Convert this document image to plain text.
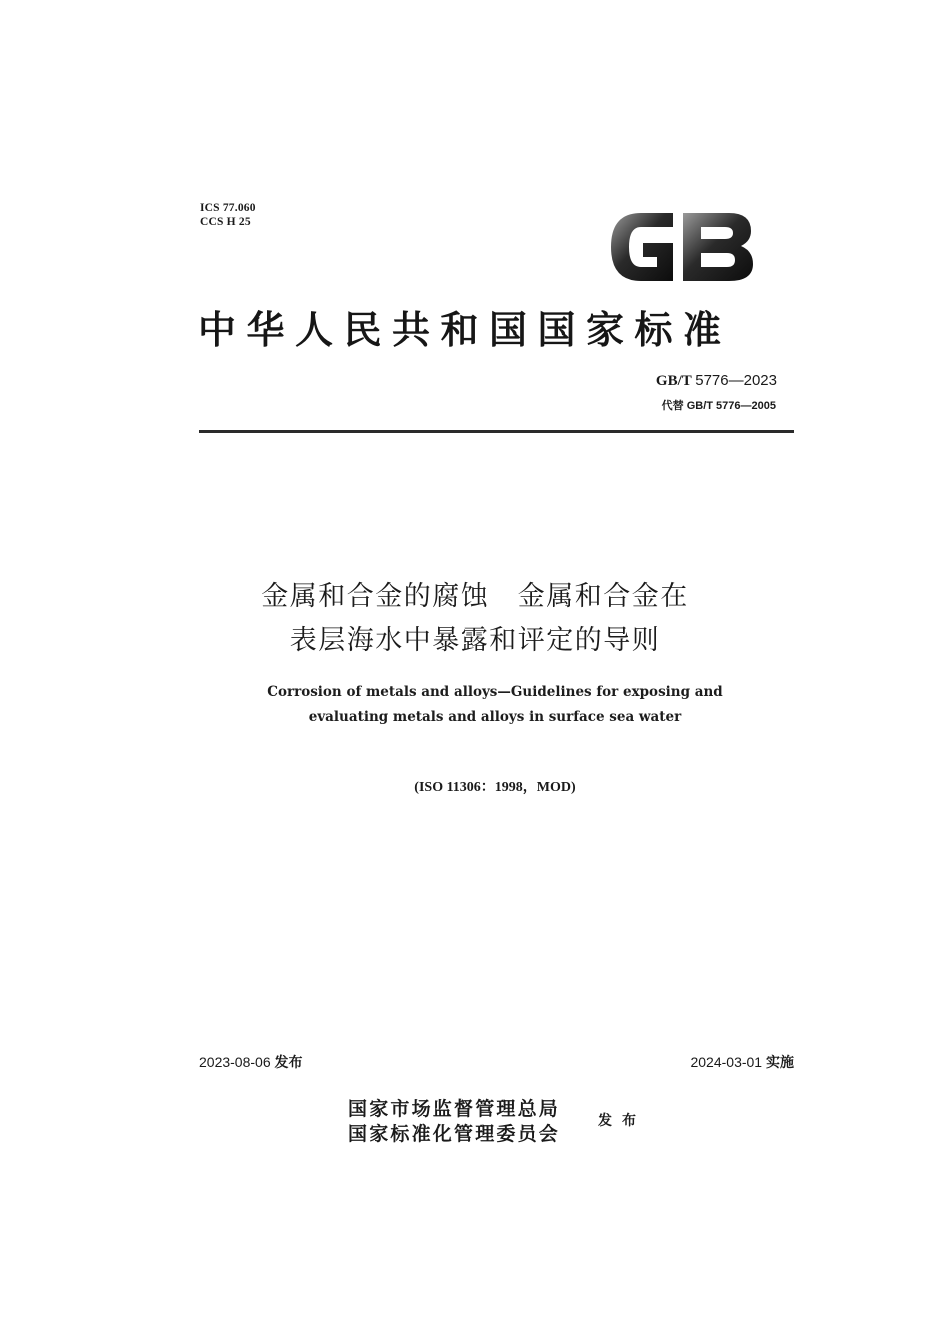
ICS 77.060
CCS H 25
GB
中华人民共和国国家标准
GB/T 5776—2023
代替 GB/T 5776—2005
金属和合金的腐蚀　金属和合金在
表层海水中暴露和评定的导则
Corrosion of metals and alloys—Guidelines for exposing and
evaluating metals and alloys in surface sea water
(ISO 11306：1998，MOD)
2023-08-06 发布	2024-03-01 实施
国家市场监督管理总局
国家标准化管理委员会
发布
